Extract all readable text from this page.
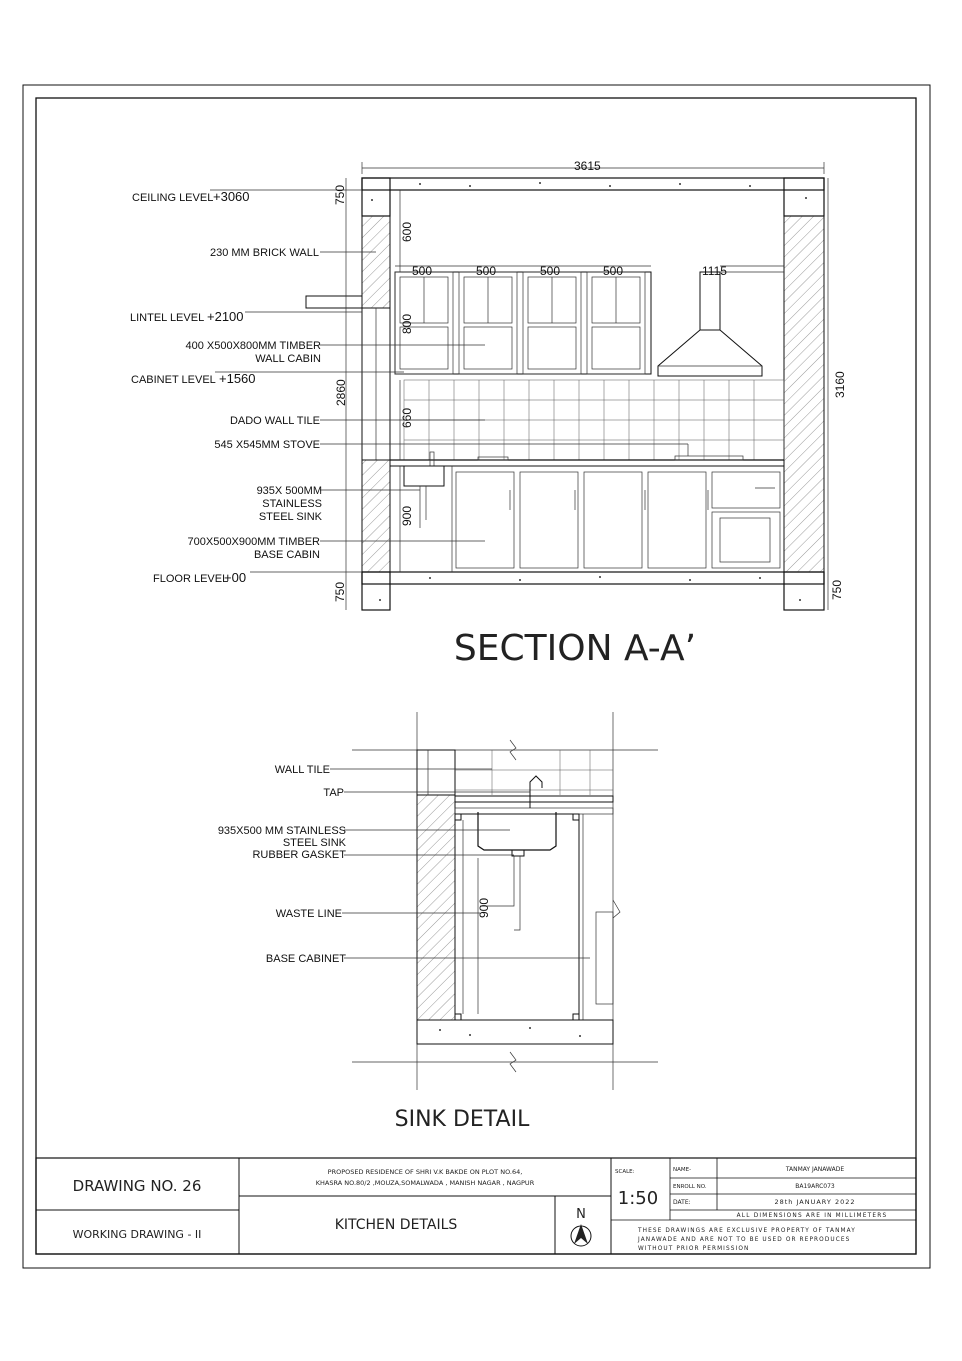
3615
3160
750
750	750
600
800
2860
660
900
500	500	500	500	1115
CEILING LEVEL +3060
LINTEL LEVEL +2100
CABINET LEVEL +1560
FLOOR LEVEL
+00
230 MM BRICK WALL
400 X500X800MM TIMBER
WALL CABIN
DADO WALL TILE
545 X545MM STOVE
935X 500MM
STAINLESS
STEEL SINK
700X500X900MM TIMBER
BASE CABIN
SECTION A-A’
900
WALL TILE
TAP
935X500 MM STAINLESS
STEEL SINK
RUBBER GASKET
WASTE LINE
BASE CABINET
SINK DETAIL
DRAWING NO. 26
WORKING DRAWING - II
PROPOSED RESIDENCE OF SHRI V.K BAKDE ON PLOT NO.64,
KHASRA NO.80/2 ,MOUZA,SOMALWADA , MANISH NAGAR , NAGPUR
KITCHEN DETAILS
N
SCALE:
1:50
NAME-	TANMAY JANAWADE
ENROLL NO.	BA19ARC073
DATE:	28th JANUARY 2022
ALL DIMENSIONS ARE IN MILLIMETERS
THESE DRAWINGS ARE EXCLUSIVE PROPERTY OF TANMAY
JANAWADE AND ARE NOT TO BE USED OR REPRODUCES
WITHOUT PRIOR PERMISSION
